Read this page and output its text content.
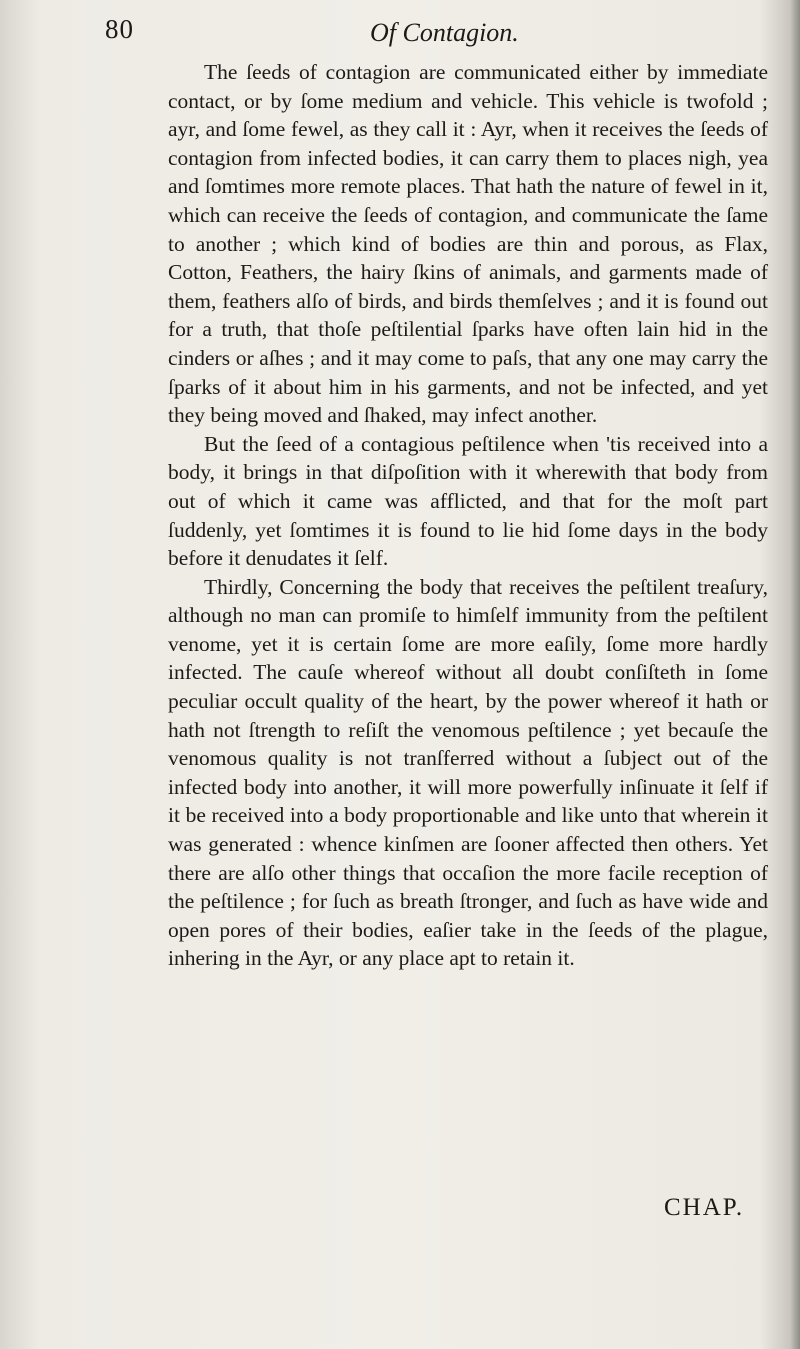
80	Of Contagion.

The ſeeds of contagion are communicated either by immediate contact, or by ſome medium and vehicle. This vehicle is twofold ; ayr, and ſome fewel, as they call it : Ayr, when it receives the ſeeds of contagion from infected bodies, it can carry them to places nigh, yea and ſomtimes more remote places. That hath the nature of fewel in it, which can receive the ſeeds of contagion, and communicate the ſame to another ; which kind of bodies are thin and porous, as Flax, Cotton, Feathers, the hairy ſkins of animals, and garments made of them, feathers alſo of birds, and birds themſelves ; and it is found out for a truth, that thoſe peſtilential ſparks have often lain hid in the cinders or aſhes ; and it may come to paſs, that any one may carry the ſparks of it about him in his garments, and not be infected, and yet they being moved and ſhaked, may infect another.

But the ſeed of a contagious peſtilence when 'tis received into a body, it brings in that diſpoſition with it wherewith that body from out of which it came was afflicted, and that for the moſt part ſuddenly, yet ſomtimes it is found to lie hid ſome days in the body before it denudates it ſelf.

Thirdly, Concerning the body that receives the peſtilent treaſury, although no man can promiſe to himſelf immunity from the peſtilent venome, yet it is certain ſome are more eaſily, ſome more hardly infected. The cauſe whereof without all doubt conſiſteth in ſome peculiar occult quality of the heart, by the power whereof it hath or hath not ſtrength to reſiſt the venomous peſtilence ; yet becauſe the venomous quality is not tranſferred without a ſubject out of the infected body into another, it will more powerfully inſinuate it ſelf if it be received into a body proportionable and like unto that wherein it was generated : whence kinſmen are ſooner affected then others. Yet there are alſo other things that occaſion the more facile reception of the peſtilence ; for ſuch as breath ſtronger, and ſuch as have wide and open pores of their bodies, eaſier take in the ſeeds of the plague, inhering in the Ayr, or any place apt to retain it.

CHAP.
